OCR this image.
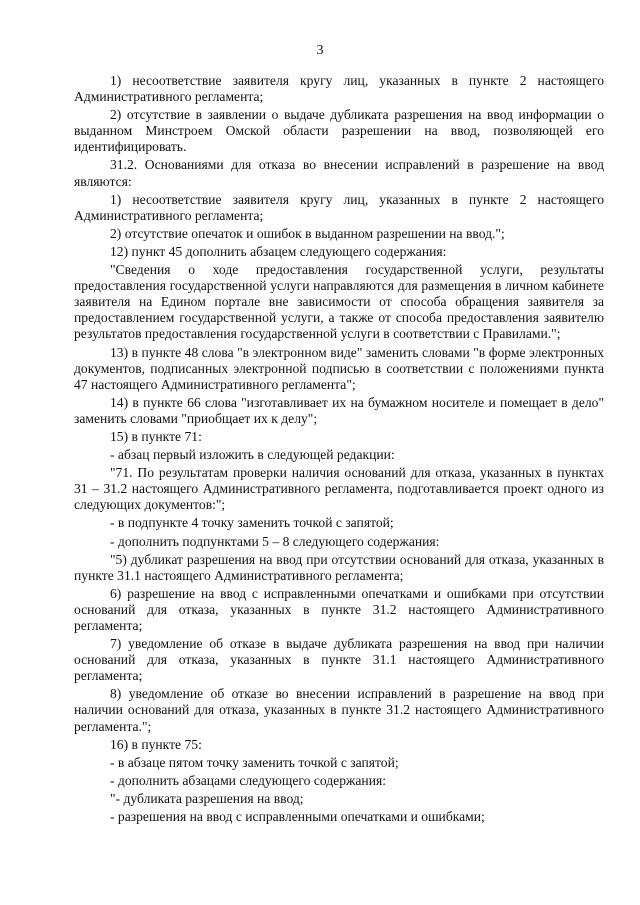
3

1) несоответствие заявителя кругу лиц, указанных в пункте 2 настоящего Административного регламента;

2) отсутствие в заявлении о выдаче дубликата разрешения на ввод информации о выданном Минстроем Омской области разрешении на ввод, позволяющей его идентифицировать.

31.2. Основаниями для отказа во внесении исправлений в разрешение на ввод являются:

1) несоответствие заявителя кругу лиц, указанных в пункте 2 настоящего Административного регламента;

2) отсутствие опечаток и ошибок в выданном разрешении на ввод.";

12) пункт 45 дополнить абзацем следующего содержания:

"Сведения о ходе предоставления государственной услуги, результаты предоставления государственной услуги направляются для размещения в личном кабинете заявителя на Едином портале вне зависимости от способа обращения заявителя за предоставлением государственной услуги, а также от способа предоставления заявителю результатов предоставления государственной услуги в соответствии с Правилами.";

13) в пункте 48 слова "в электронном виде" заменить словами "в форме электронных документов, подписанных электронной подписью в соответствии с положениями пункта 47 настоящего Административного регламента";

14) в пункте 66 слова "изготавливает их на бумажном носителе и помещает в дело" заменить словами "приобщает их к делу";

15) в пункте 71:

- абзац первый изложить в следующей редакции:

"71. По результатам проверки наличия оснований для отказа, указанных в пунктах 31 – 31.2 настоящего Административного регламента, подготавливается проект одного из следующих документов:";

- в подпункте 4 точку заменить точкой с запятой;

- дополнить подпунктами 5 – 8 следующего содержания:

"5) дубликат разрешения на ввод при отсутствии оснований для отказа, указанных в пункте 31.1 настоящего Административного регламента;

6) разрешение на ввод с исправленными опечатками и ошибками при отсутствии оснований для отказа, указанных в пункте 31.2 настоящего Административного регламента;

7) уведомление об отказе в выдаче дубликата разрешения на ввод при наличии оснований для отказа, указанных в пункте 31.1 настоящего Административного регламента;

8) уведомление об отказе во внесении исправлений в разрешение на ввод при наличии оснований для отказа, указанных в пункте 31.2 настоящего Административного регламента.";

16) в пункте 75:

- в абзаце пятом точку заменить точкой с запятой;

- дополнить абзацами следующего содержания:

"- дубликата разрешения на ввод;

- разрешения на ввод с исправленными опечатками и ошибками;
